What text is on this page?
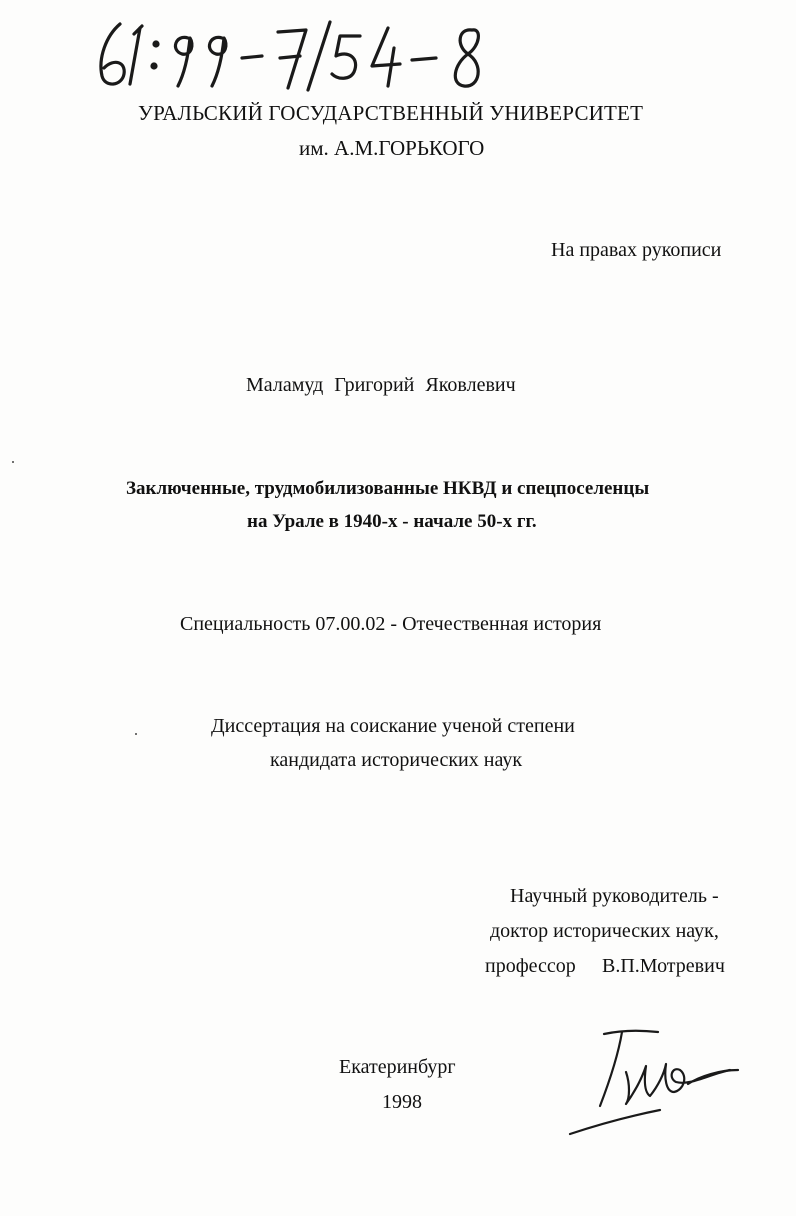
УРАЛЬСКИЙ ГОСУДАРСТВЕННЫЙ УНИВЕРСИТЕТ
им. А.М.ГОРЬКОГО
На правах рукописи
Маламуд Григорий Яковлевич
Заключенные, трудмобилизованные НКВД и спецпоселенцы
на Урале в 1940-х - начале 50-х гг.
Специальность 07.00.02 - Отечественная история
Диссертация на соискание ученой степени
кандидата исторических наук
Научный руководитель -
доктор исторических наук,
профессор В.П.Мотревич
Екатеринбург
1998
